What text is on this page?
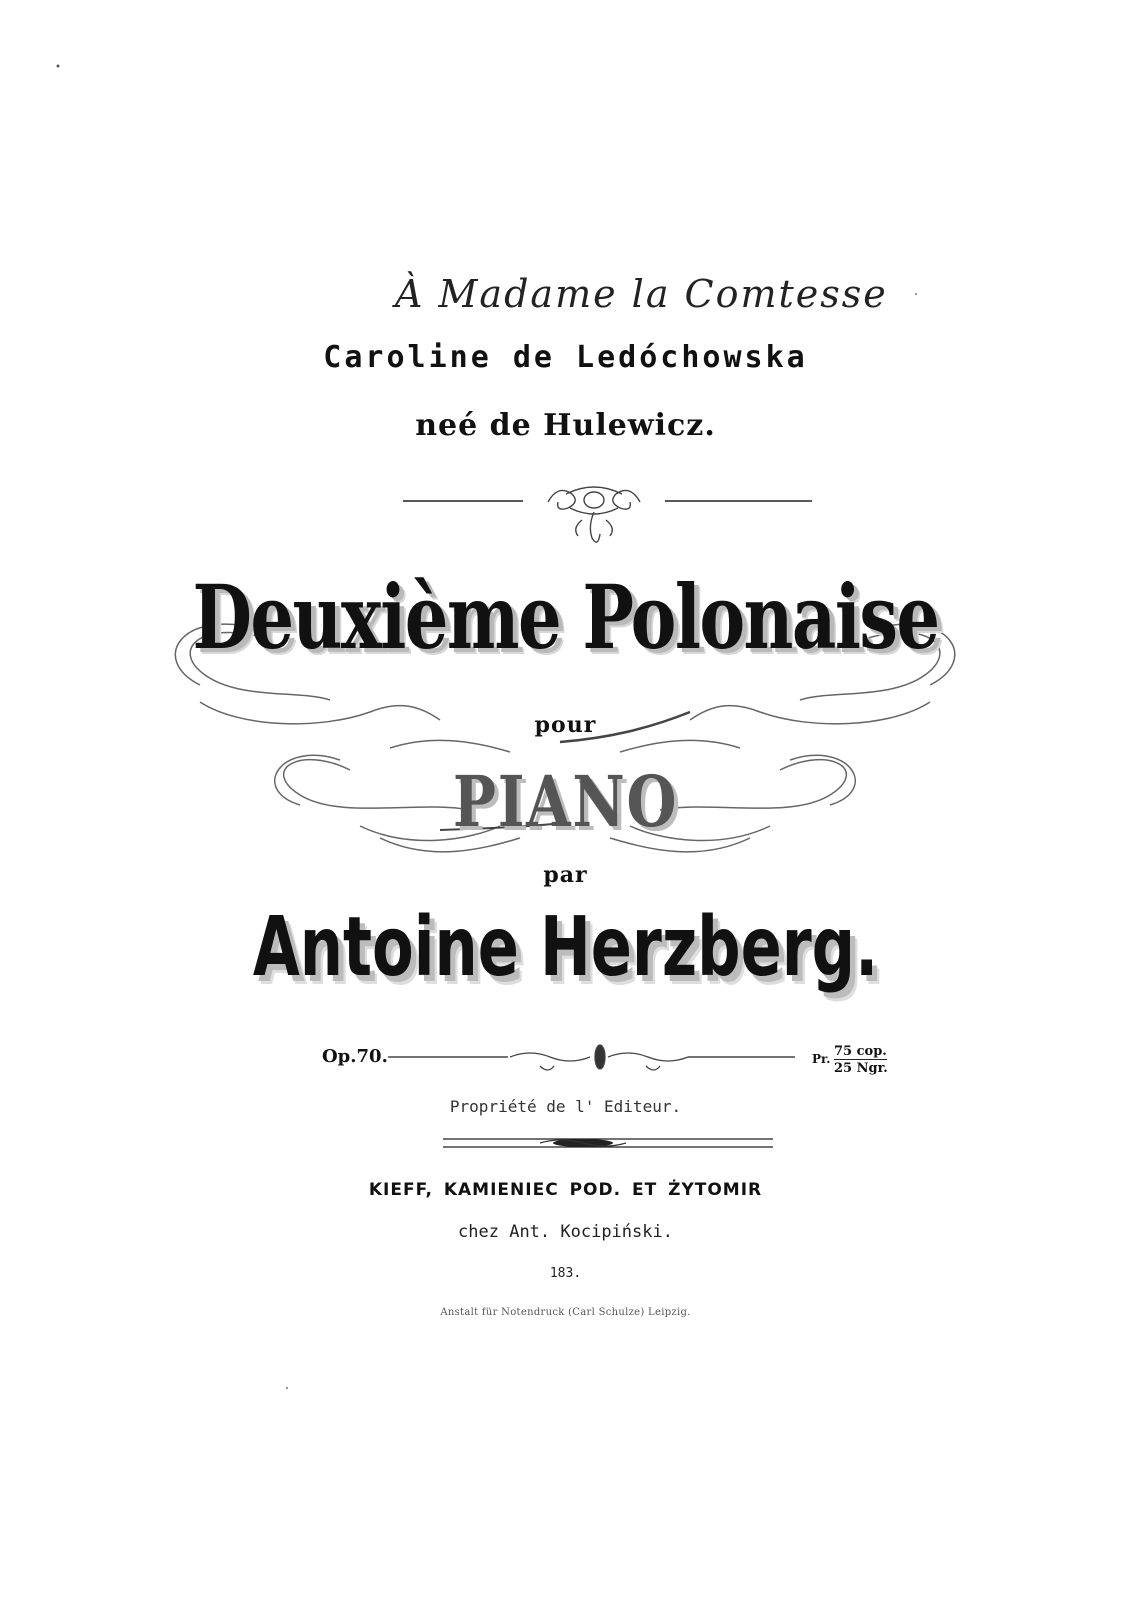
À Madame la Comtesse
Caroline de Ledóchowska
neé de Hulewicz.
Deuxième Polonaise
pour
PIANO
par
Antoine Herzberg.
Op.70.	Pr. 75 cop.
25 Ngr.
Propriété de l' Editeur.
KIEFF, KAMIENIEC POD. ET ŻYTOMIR
chez Ant. Kocipiński.
183.
Anstalt für Notendruck (Carl Schulze) Leipzig.
